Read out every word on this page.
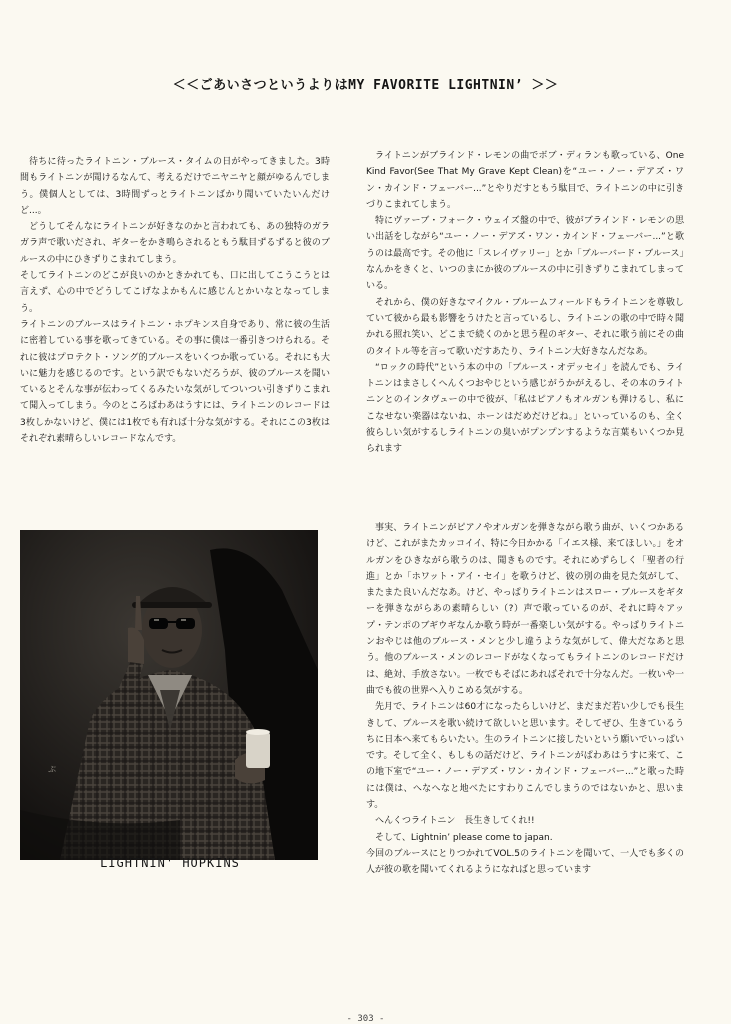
＜＜ごあいさつというよりはMY FAVORITE LIGHTNIN’ ＞＞

待ちに待ったライトニン・ブルース・タイムの日がやってきました。3時間もライトニンが聞けるなんて、考えるだけでニヤニヤと顔がゆるんでしまう。僕個人としては、3時間ずっとライトニンばかり聞いていたいんだけど...。

どうしてそんなにライトニンが好きなのかと言われても、あの独特のガラガラ声で歌いだされ、ギターをかき鳴らされるともう駄目ずるずると彼のブルースの中にひきずりこまれてしまう。

そしてライトニンのどこが良いのかときかれても、口に出してこうこうとは言えず、心の中でどうしてこげなよかもんに感じんとかいなとなってしまう。

ライトニンのブルースはライトニン・ホプキンス自身であり、常に彼の生活に密着している事を歌ってきている。その事に僕は一番引きつけられる。それに彼はプロテクト・ソング的ブルースをいくつか歌っている。それにも大いに魅力を感じるのです。という訳でもないだろうが、彼のブルースを聞いているとそんな事が伝わってくるみたいな気がしてついつい引きずりこまれて聞入ってしまう。今のところぱわあはうすには、ライトニンのレコードは3枚しかないけど、僕には1枚でも有れば十分な気がする。それにこの3枚はそれぞれ素晴らしいレコードなんです。

ライトニンがブラインド・レモンの曲でボブ・ディランも歌っている、One Kind Favor(See That My Grave Kept Clean)を“ユー・ノー・デアズ・ワン・カインド・フェーバー...”とやりだすともう駄目で、ライトニンの中に引きづりこまれてしまう。

特にヴァーブ・フォーク・ウェイズ盤の中で、彼がブラインド・レモンの思い出話をしながら“ユー・ノー・デアズ・ワン・カインド・フェーバー...”と歌うのは最高です。その他に「スレイヴァリー」とか「ブルーバード・ブルース」なんかをきくと、いつのまにか彼のブルースの中に引きずりこまれてしまっている。

それから、僕の好きなマイクル・ブルームフィールドもライトニンを尊敬していて彼から最も影響をうけたと言っているし、ライトニンの歌の中で時々聞かれる照れ笑い、どこまで続くのかと思う程のギター、それに歌う前にその曲のタイトル等を言って歌いだすあたり、ライトニン大好きなんだなあ。

“ロックの時代”という本の中の「ブルース・オデッセイ」を読んでも、ライトニンはまさしくへんくつおやじという感じがうかがえるし、その本のライトニンとのインタヴューの中で彼が、「私はピアノもオルガンも弾けるし、私にこなせない楽器はないね、ホーンはだめだけどね。」といっているのも、全く彼らしい気がするしライトニンの臭いがプンプンするような言葉もいくつか見られます

事実、ライトニンがピアノやオルガンを弾きながら歌う曲が、いくつかあるけど、これがまたカッコイイ、特に今日かかる「イエス様、来てほしい。」をオルガンをひきながら歌うのは、聞きものです。それにめずらしく「聖者の行進」とか「ホワット・アイ・セイ」を歌うけど、彼の別の曲を見た気がして、またまた良いんだなあ。けど、やっぱりライトニンはスロー・ブルースをギターを弾きながらあの素晴らしい（?）声で歌っているのが、それに時々アップ・テンポのブギウギなんか歌う時が一番楽しい気がする。やっぱりライトニンおやじは他のブルース・メンと少し違うような気がして、偉大だなあと思う。他のブルース・メンのレコードがなくなってもライトニンのレコードだけは、絶対、手放さない。一枚でもそばにあればそれで十分なんだ。一枚いや一曲でも彼の世界へ入りこめる気がする。

先月で、ライトニンは60才になったらしいけど、まだまだ若い少しでも長生きして、ブルースを歌い続けて欲しいと思います。そしてぜひ、生きているうちに日本へ来てもらいたい。生のライトニンに接したいという願いでいっぱいです。そして全く、もしもの話だけど、ライトニンがぱわあはうすに来て、この地下室で“ユー・ノー・デアズ・ワン・カインド・フェーバー...”と歌った時には僕は、へなへなと地べたにすわりこんでしまうのではないかと、思います。

へんくつライトニン　長生きしてくれ!!

そして、Lightnin’ please come to japan.

今回のブルースにとりつかれてVOL.5のライトニンを聞いて、一人でも多くの人が彼の歌を聞いてくれるようになればと思っています

ぷ
LIGHTNIN' HOPKINS
- 303 -
